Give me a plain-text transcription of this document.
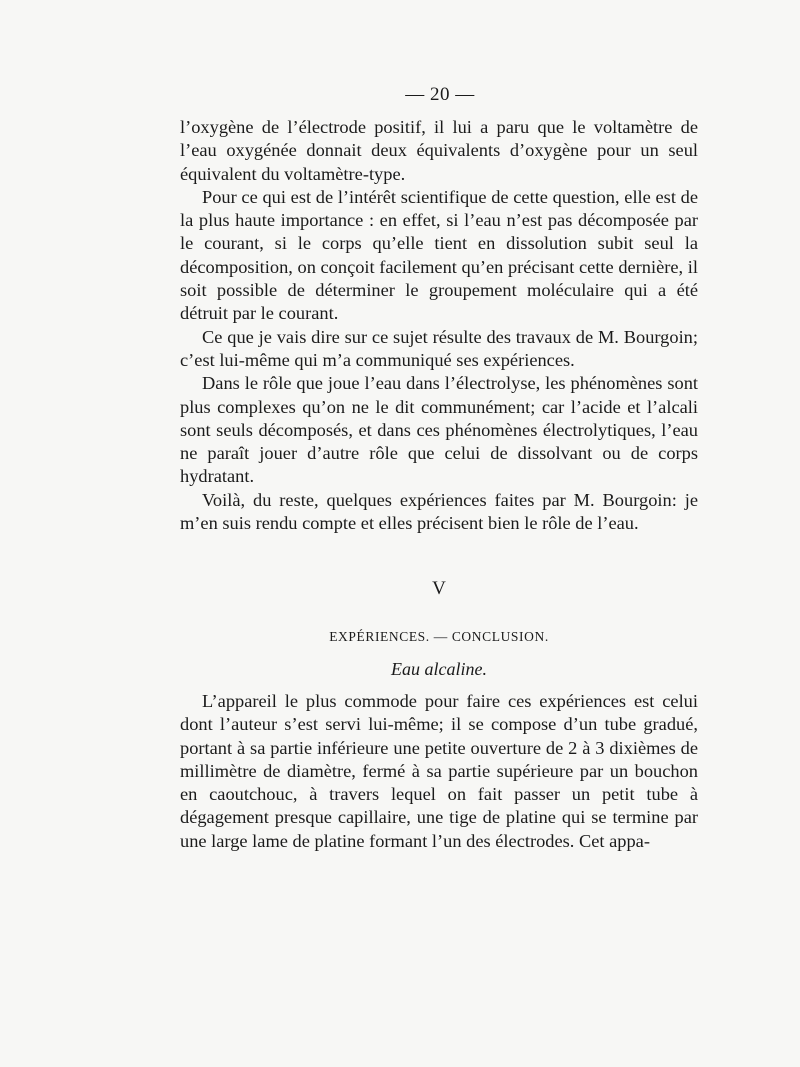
— 20 —

l’oxygène de l’électrode positif, il lui a paru que le voltamètre de l’eau oxygénée donnait deux équivalents d’oxygène pour un seul équivalent du voltamètre-type.

Pour ce qui est de l’intérêt scientifique de cette question, elle est de la plus haute importance : en effet, si l’eau n’est pas décomposée par le courant, si le corps qu’elle tient en dissolution subit seul la décomposition, on conçoit facilement qu’en précisant cette dernière, il soit possible de déterminer le groupement moléculaire qui a été détruit par le courant.

Ce que je vais dire sur ce sujet résulte des travaux de M. Bourgoin; c’est lui-même qui m’a communiqué ses expériences.

Dans le rôle que joue l’eau dans l’électrolyse, les phénomènes sont plus complexes qu’on ne le dit communément; car l’acide et l’alcali sont seuls décomposés, et dans ces phénomènes électrolytiques, l’eau ne paraît jouer d’autre rôle que celui de dissolvant ou de corps hydratant.

Voilà, du reste, quelques expériences faites par M. Bourgoin: je m’en suis rendu compte et elles précisent bien le rôle de l’eau.

V
EXPÉRIENCES. — CONCLUSION.
Eau alcaline.

L’appareil le plus commode pour faire ces expériences est celui dont l’auteur s’est servi lui-même; il se compose d’un tube gradué, portant à sa partie inférieure une petite ouverture de 2 à 3 dixièmes de millimètre de diamètre, fermé à sa partie supérieure par un bouchon en caoutchouc, à travers lequel on fait passer un petit tube à dégagement presque capillaire, une tige de platine qui se termine par une large lame de platine formant l’un des électrodes. Cet appa-
